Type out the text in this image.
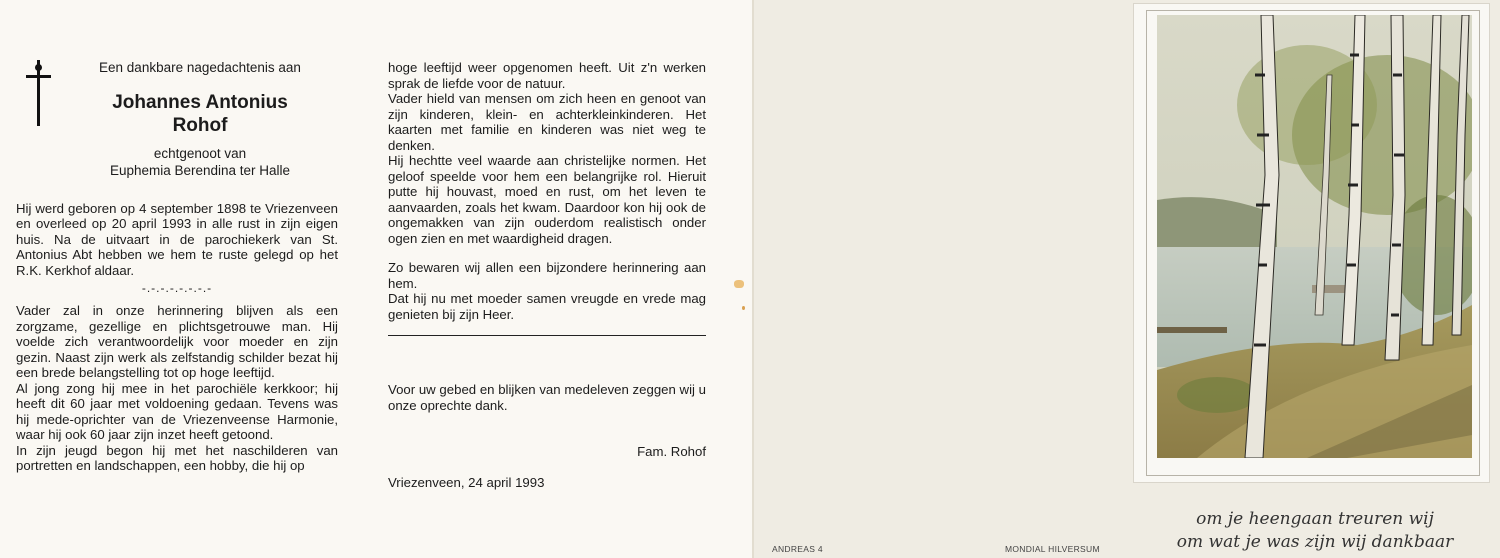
Een dankbare nagedachtenis aan
Johannes Antonius
Rohof
echtgenoot van
Euphemia Berendina ter Halle

Hij werd geboren op 4 september 1898 te Vriezenveen en overleed op 20 april 1993 in alle rust in zijn eigen huis. Na de uitvaart in de parochiekerk van St. Antonius Abt hebben we hem te ruste gelegd op het R.K. Kerkhof aldaar.

-.-.-.-.-.-.-.-

Vader zal in onze herinnering blijven als een zorgzame, gezellige en plichtsgetrouwe man. Hij voelde zich verantwoordelijk voor moeder en zijn gezin. Naast zijn werk als zelfstandig schilder bezat hij een brede belangstelling tot op hoge leeftijd.

Al jong zong hij mee in het parochiële kerkkoor; hij heeft dit 60 jaar met voldoening gedaan. Tevens was hij mede-oprichter van de Vriezenveense Harmonie, waar hij ook 60 jaar zijn inzet heeft getoond.

In zijn jeugd begon hij met het naschilderen van portretten en landschappen, een hobby, die hij op

hoge leeftijd weer opgenomen heeft. Uit z'n werken sprak de liefde voor de natuur.

Vader hield van mensen om zich heen en genoot van zijn kinderen, klein- en achterkleinkinderen. Het kaarten met familie en kinderen was niet weg te denken.

Hij hechtte veel waarde aan christelijke normen. Het geloof speelde voor hem een belangrijke rol. Hieruit putte hij houvast, moed en rust, om het leven te aanvaarden, zoals het kwam. Daardoor kon hij ook de ongemakken van zijn ouderdom realistisch onder ogen zien en met waardigheid dragen.

Zo bewaren wij allen een bijzondere herinnering aan hem.

Dat hij nu met moeder samen vreugde en vrede mag genieten bij zijn Heer.

Voor uw gebed en blijken van medeleven zeggen wij u onze oprechte dank.

Fam. Rohof

Vriezenveen, 24 april 1993

ANDREAS 4	MONDIAL HILVERSUM
om je heengaan treuren wij
om wat je was zijn wij dankbaar
